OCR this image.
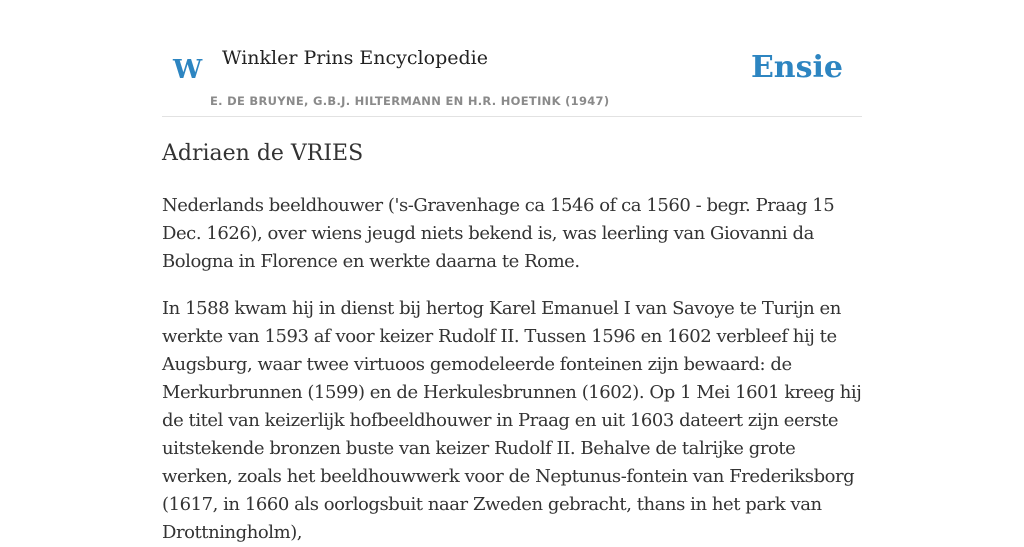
W Winkler Prins Encyclopedie
E. DE BRUYNE, G.B.J. HILTERMANN EN H.R. HOETINK (1947)
Ensie
Adriaen de VRIES

Nederlands beeldhouwer ('s-Gravenhage ca 1546 of ca 1560 - begr. Praag 15 Dec. 1626), over wiens jeugd niets bekend is, was leerling van Giovanni da Bologna in Florence en werkte daarna te Rome.

In 1588 kwam hij in dienst bij hertog Karel Emanuel I van Savoye te Turijn en werkte van 1593 af voor keizer Rudolf II. Tussen 1596 en 1602 verbleef hij te Augsburg, waar twee virtuoos gemodeleerde fonteinen zijn bewaard: de Merkurbrunnen (1599) en de Herkulesbrunnen (1602). Op 1 Mei 1601 kreeg hij de titel van keizerlijk hofbeeldhouwer in Praag en uit 1603 dateert zijn eerste uitstekende bronzen buste van keizer Rudolf II. Behalve de talrijke grote werken, zoals het beeldhouwwerk voor de Neptunus-fontein van Frederiksborg (1617, in 1660 als oorlogsbuit naar Zweden gebracht, thans in het park van Drottningholm),
